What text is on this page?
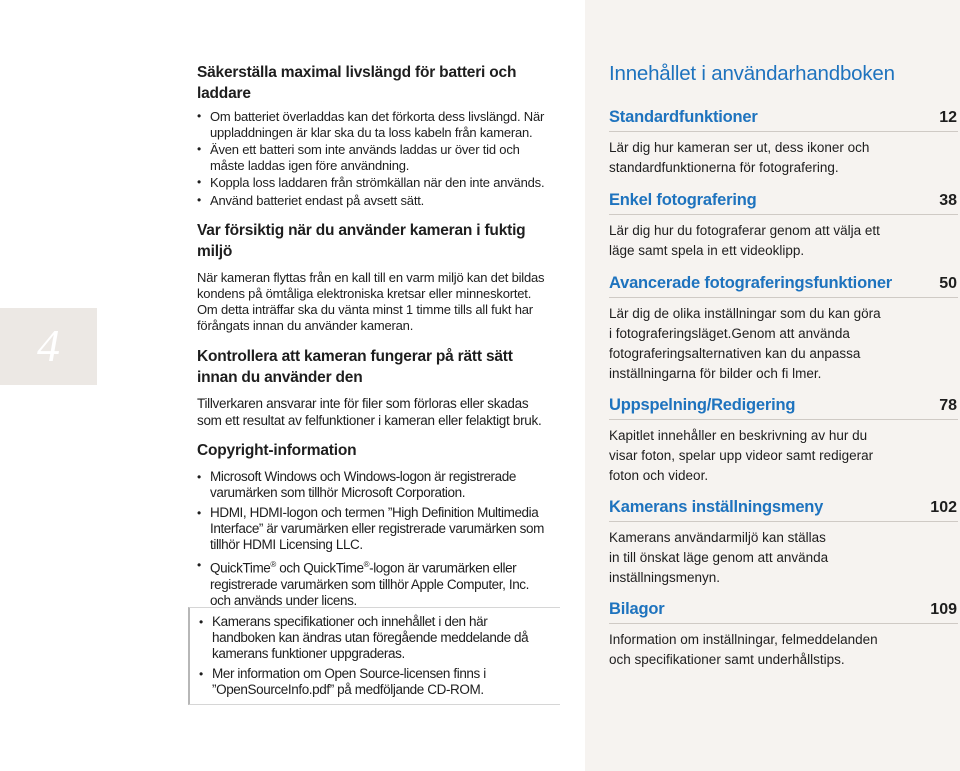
4
Säkerställa maximal livslängd för batteri och laddare
• Om batteriet överladdas kan det förkorta dess livslängd. När uppladdningen är klar ska du ta loss kabeln från kameran.
• Även ett batteri som inte används laddas ur över tid och måste laddas igen före användning.
• Koppla loss laddaren från strömkällan när den inte används.
• Använd batteriet endast på avsett sätt.
Var försiktig när du använder kameran i fuktig miljö
När kameran flyttas från en kall till en varm miljö kan det bildas kondens på ömtåliga elektroniska kretsar eller minneskortet. Om detta inträffar ska du vänta minst 1 timme tills all fukt har förångats innan du använder kameran.
Kontrollera att kameran fungerar på rätt sätt innan du använder den
Tillverkaren ansvarar inte för filer som förloras eller skadas som ett resultat av felfunktioner i kameran eller felaktigt bruk.
Copyright-information
• Microsoft Windows och Windows-logon är registrerade varumärken som tillhör Microsoft Corporation.
• HDMI, HDMI-logon och termen ”High Definition Multimedia Interface” är varumärken eller registrerade varumärken som tillhör HDMI Licensing LLC.
• QuickTime® och QuickTime®-logon är varumärken eller registrerade varumärken som tillhör Apple Computer, Inc. och används under licens.
• Kamerans specifikationer och innehållet i den här handboken kan ändras utan föregående meddelande då kamerans funktioner uppgraderas.
• Mer information om Open Source-licensen finns i ”OpenSourceInfo.pdf” på medföljande CD-ROM.
Innehållet i användarhandboken
Standardfunktioner	12
Lär dig hur kameran ser ut, dess ikoner och
standardfunktionerna för fotografering.
Enkel fotografering	38
Lär dig hur du fotograferar genom att välja ett
läge samt spela in ett videoklipp.
Avancerade fotograferingsfunktioner	50
Lär dig de olika inställningar som du kan göra
i fotograferingsläget.Genom att använda
fotograferingsalternativen kan du anpassa
inställningarna för bilder och fi lmer.
Uppspelning/Redigering	78
Kapitlet innehåller en beskrivning av hur du
visar foton, spelar upp videor samt redigerar
foton och videor.
Kamerans inställningsmeny	102
Kamerans användarmiljö kan ställas
in till önskat läge genom att använda
inställningsmenyn.
Bilagor	109
Information om inställningar, felmeddelanden
och specifikationer samt underhållstips.
